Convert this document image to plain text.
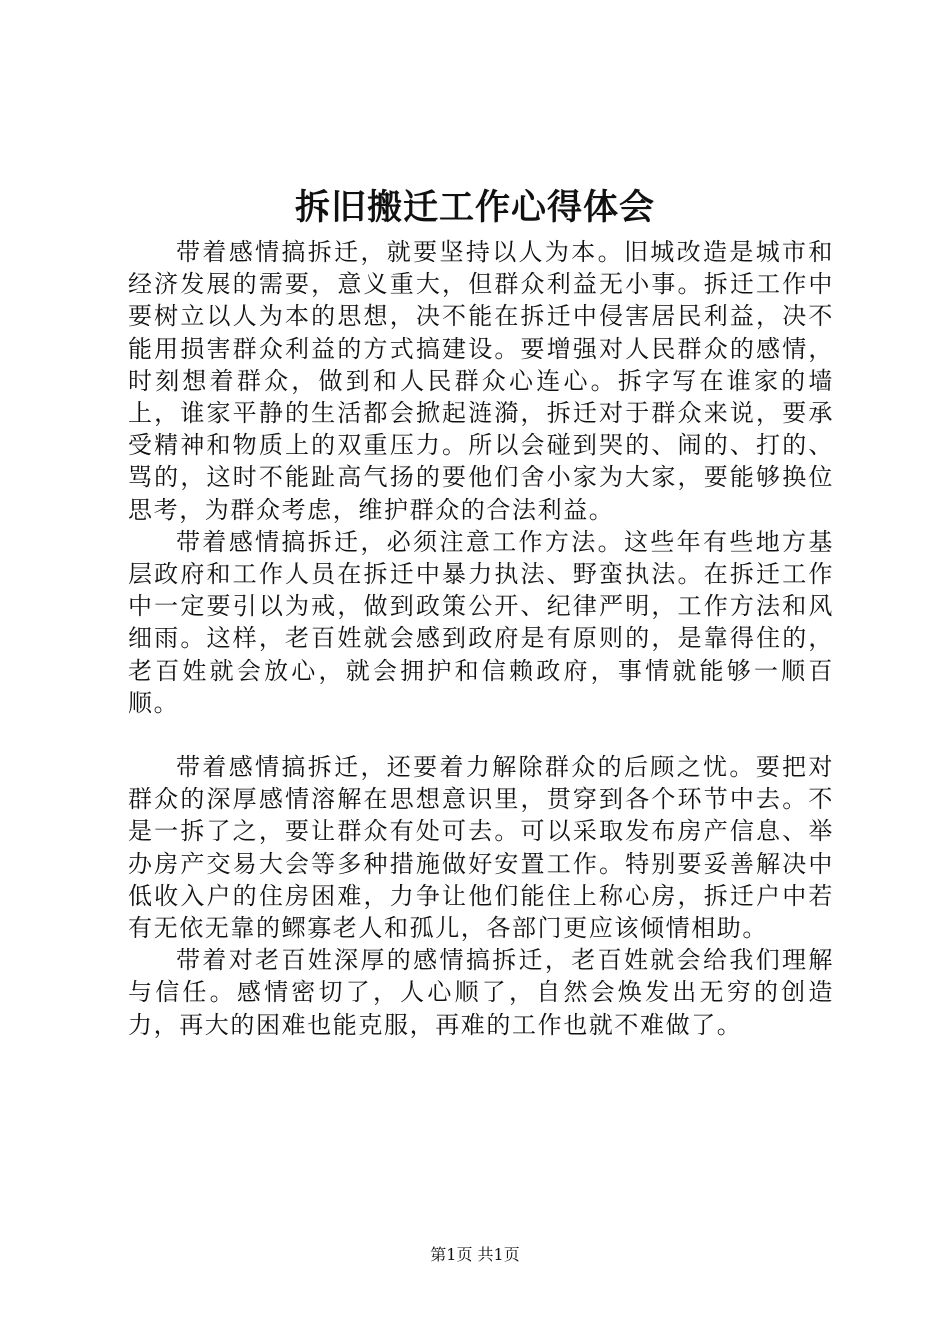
拆旧搬迁工作心得体会

带着感情搞拆迁，就要坚持以人为本。旧城改造是城市和经济发展的需要，意义重大，但群众利益无小事。拆迁工作中要树立以人为本的思想，决不能在拆迁中侵害居民利益，决不能用损害群众利益的方式搞建设。要增强对人民群众的感情，时刻想着群众，做到和人民群众心连心。拆字写在谁家的墙上，谁家平静的生活都会掀起涟漪，拆迁对于群众来说，要承受精神和物质上的双重压力。所以会碰到哭的、闹的、打的、骂的，这时不能趾高气扬的要他们舍小家为大家，要能够换位思考，为群众考虑，维护群众的合法利益。

带着感情搞拆迁，必须注意工作方法。这些年有些地方基层政府和工作人员在拆迁中暴力执法、野蛮执法。在拆迁工作中一定要引以为戒，做到政策公开、纪律严明，工作方法和风细雨。这样，老百姓就会感到政府是有原则的，是靠得住的，老百姓就会放心，就会拥护和信赖政府，事情就能够一顺百顺。

带着感情搞拆迁，还要着力解除群众的后顾之忧。要把对群众的深厚感情溶解在思想意识里，贯穿到各个环节中去。不是一拆了之，要让群众有处可去。可以采取发布房产信息、举办房产交易大会等多种措施做好安置工作。特别要妥善解决中低收入户的住房困难，力争让他们能住上称心房，拆迁户中若有无依无靠的鳏寡老人和孤儿，各部门更应该倾情相助。

带着对老百姓深厚的感情搞拆迁，老百姓就会给我们理解与信任。感情密切了，人心顺了，自然会焕发出无穷的创造力，再大的困难也能克服，再难的工作也就不难做了。

第1页 共1页
